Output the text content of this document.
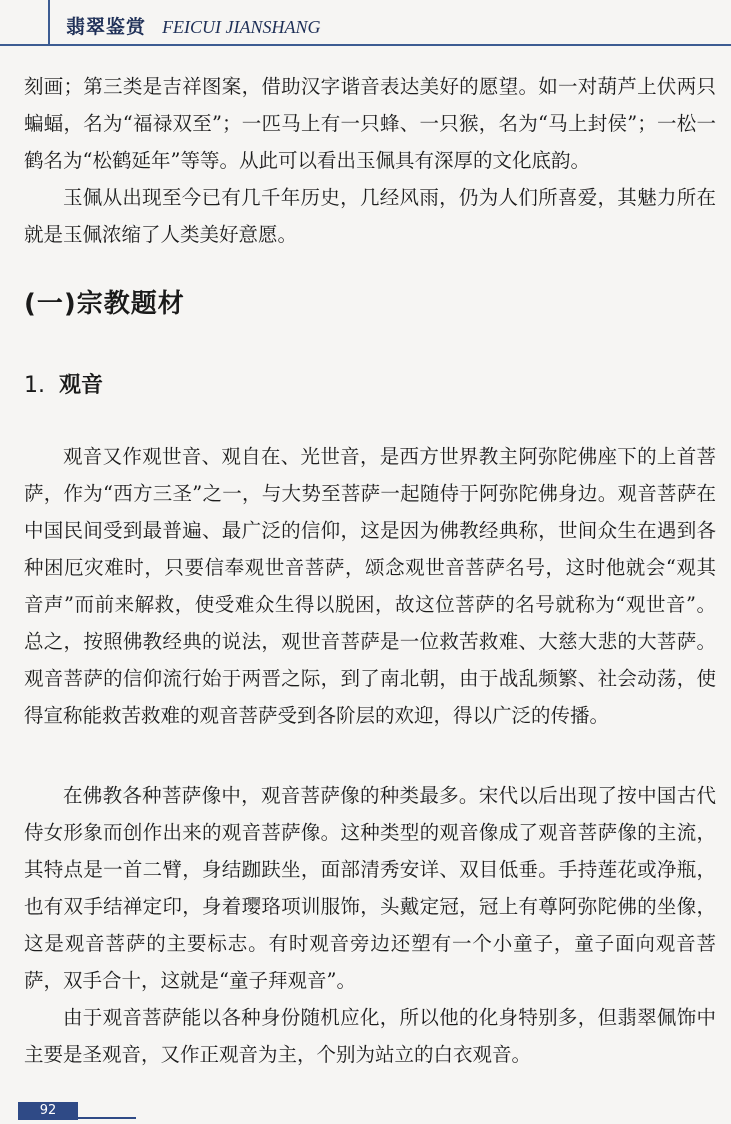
翡翠鉴赏 FEICUI JIANSHANG

刻画；第三类是吉祥图案，借助汉字谐音表达美好的愿望。如一对葫芦上伏两只蝙蝠，名为“福禄双至”；一匹马上有一只蜂、一只猴，名为“马上封侯”；一松一鹤名为“松鹤延年”等等。从此可以看出玉佩具有深厚的文化底韵。

玉佩从出现至今已有几千年历史，几经风雨，仍为人们所喜爱，其魅力所在就是玉佩浓缩了人类美好意愿。

(一)宗教题材
1. 观音

观音又作观世音、观自在、光世音，是西方世界教主阿弥陀佛座下的上首菩萨，作为“西方三圣”之一，与大势至菩萨一起随侍于阿弥陀佛身边。观音菩萨在中国民间受到最普遍、最广泛的信仰，这是因为佛教经典称，世间众生在遇到各种困厄灾难时，只要信奉观世音菩萨，颂念观世音菩萨名号，这时他就会“观其音声”而前来解救，使受难众生得以脱困，故这位菩萨的名号就称为“观世音”。总之，按照佛教经典的说法，观世音菩萨是一位救苦救难、大慈大悲的大菩萨。观音菩萨的信仰流行始于两晋之际，到了南北朝，由于战乱频繁、社会动荡，使得宣称能救苦救难的观音菩萨受到各阶层的欢迎，得以广泛的传播。

在佛教各种菩萨像中，观音菩萨像的种类最多。宋代以后出现了按中国古代侍女形象而创作出来的观音菩萨像。这种类型的观音像成了观音菩萨像的主流，其特点是一首二臂，身结跏趺坐，面部清秀安详、双目低垂。手持莲花或净瓶，也有双手结禅定印，身着璎珞项训服饰，头戴定冠，冠上有尊阿弥陀佛的坐像，这是观音菩萨的主要标志。有时观音旁边还塑有一个小童子，童子面向观音菩萨，双手合十，这就是“童子拜观音”。

由于观音菩萨能以各种身份随机应化，所以他的化身特别多，但翡翠佩饰中主要是圣观音，又作正观音为主，个别为站立的白衣观音。

92
